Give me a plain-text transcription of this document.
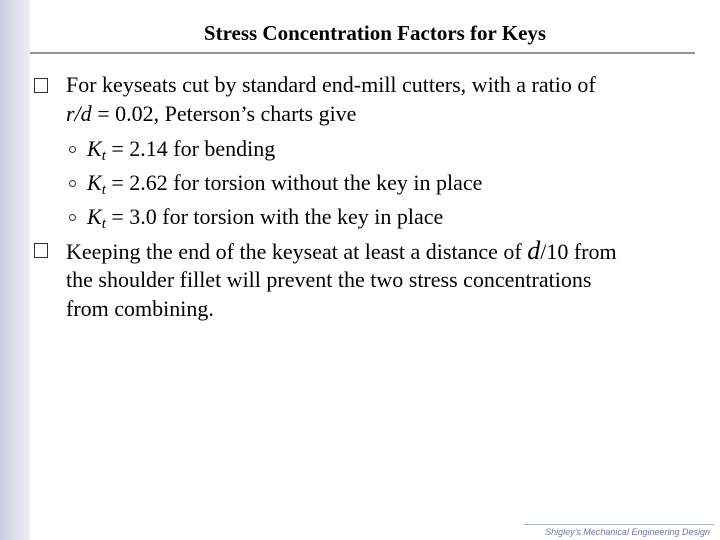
Stress Concentration Factors for Keys
For keyseats cut by standard end-mill cutters, with a ratio of
r/d = 0.02, Peterson’s charts give
$K_t = 2.14$ for bending
$K_t = 2.62$ for torsion without the key in place
$K_t = 3.0$ for torsion with the key in place
Keeping the end of the keyseat at least a distance of d/10 from
the shoulder fillet will prevent the two stress concentrations
from combining.
Shigley’s Mechanical Engineering Design
